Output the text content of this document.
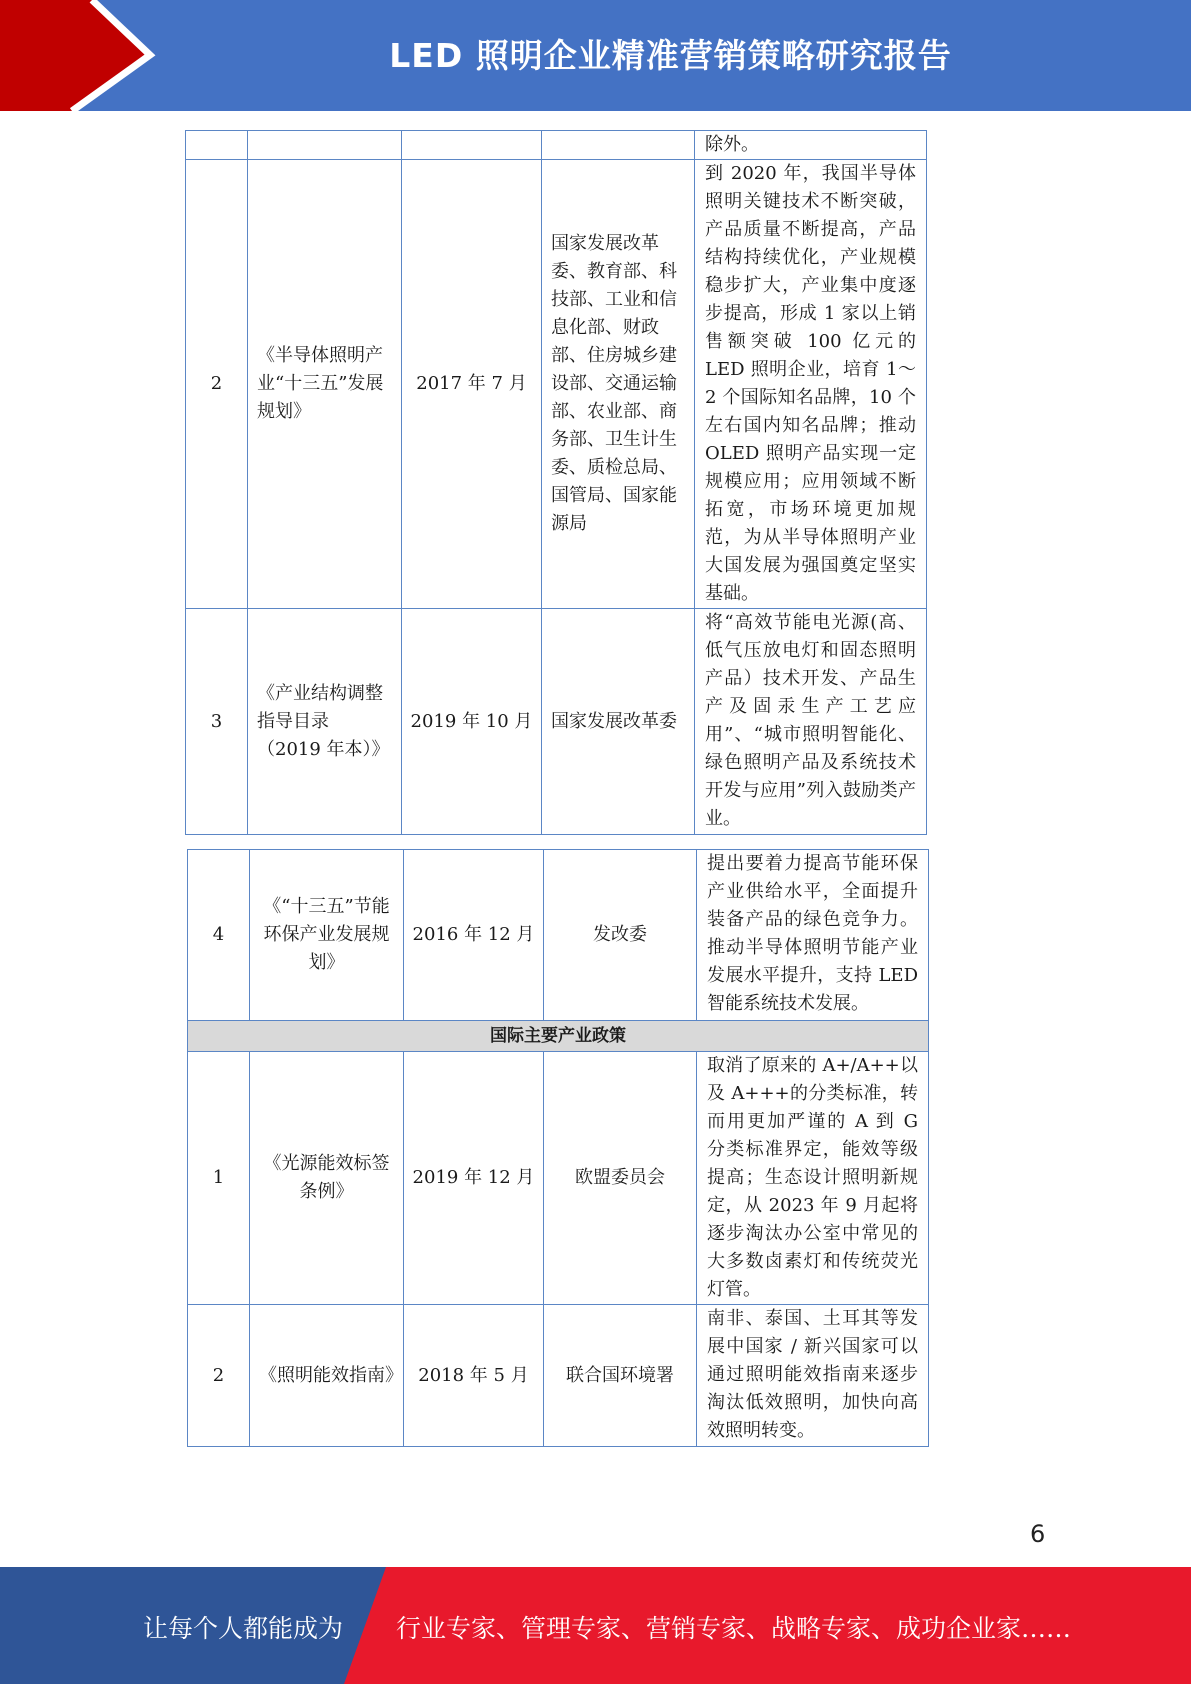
LED 照明企业精准营销策略研究报告
				除外。
2	《半导体照明产业“十三五”发展规划》	2017 年 7 月	国家发展改革委、教育部、科技部、工业和信息化部、财政部、住房城乡建设部、交通运输部、农业部、商务部、卫生计生委、质检总局、国管局、国家能源局	到 2020 年，我国半导体照明关键技术不断突破，产品质量不断提高，产品结构持续优化，产业规模稳步扩大，产业集中度逐步提高，形成 1 家以上销售额突破 100 亿元的 LED 照明企业，培育 1～2 个国际知名品牌，10 个左右国内知名品牌；推动 OLED 照明产品实现一定规模应用；应用领域不断拓宽，市场环境更加规范，为从半导体照明产业大国发展为强国奠定坚实基础。
3	《产业结构调整指导目录（2019 年本）》	2019 年 10 月	国家发展改革委	将“高效节能电光源(高、低气压放电灯和固态照明产品）技术开发、产品生产及固汞生产工艺应用”、“城市照明智能化、绿色照明产品及系统技术开发与应用”列入鼓励类产业。
4	《“十三五”节能环保产业发展规划》	2016 年 12 月	发改委	提出要着力提高节能环保产业供给水平，全面提升装备产品的绿色竞争力。推动半导体照明节能产业发展水平提升，支持 LED 智能系统技术发展。
国际主要产业政策				
1	《光源能效标签条例》	2019 年 12 月	欧盟委员会	取消了原来的 A+/A++以及 A+++的分类标准，转而用更加严谨的 A 到 G 分类标准界定，能效等级提高；生态设计照明新规定，从 2023 年 9 月起将逐步淘汰办公室中常见的大多数卤素灯和传统荧光灯管。
2	《照明能效指南》	2018 年 5 月	联合国环境署	南非、泰国、土耳其等发展中国家 / 新兴国家可以通过照明能效指南来逐步淘汰低效照明，加快向高效照明转变。
6
让每个人都能成为 行业专家、管理专家、营销专家、战略专家、成功企业家……
